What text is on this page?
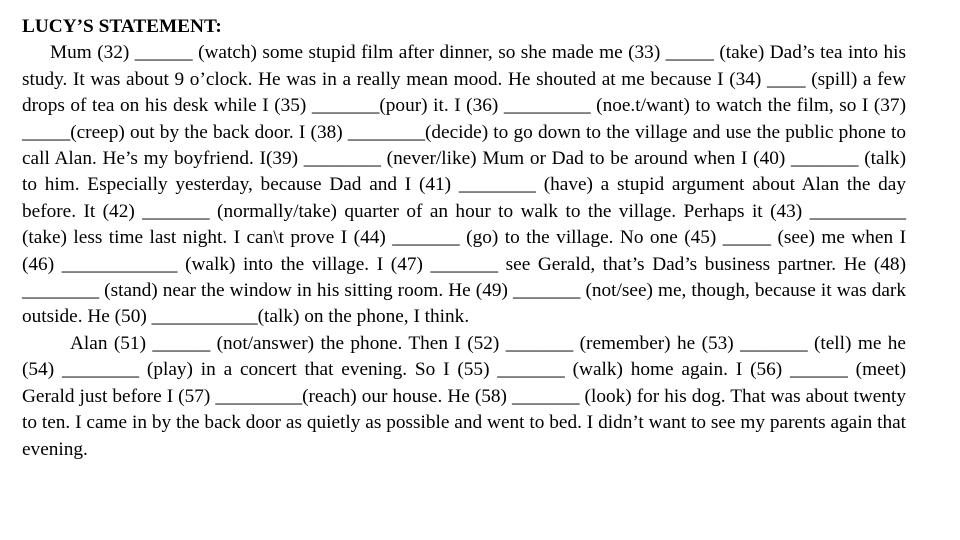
LUCY’S STATEMENT:

Mum (32) ______ (watch) some stupid film after dinner, so she made me (33) _____ (take) Dad’s tea into his study. It was about 9 o’clock. He was in a really mean mood. He shouted at me because I (34) ____ (spill) a few drops of tea on his desk while I (35) _______(pour) it. I (36) _________ (noe.t/want) to watch the film, so I (37) _____(creep) out by the back door. I (38) ________(decide) to go down to the village and use the public phone to call Alan. He’s my boyfriend. I(39) ________ (never/like) Mum or Dad to be around when I (40) _______ (talk) to him. Especially yesterday, because Dad and I (41) ________ (have) a stupid argument about Alan the day before. It (42) _______ (normally/take) quarter of an hour to walk to the village. Perhaps it (43) __________ (take) less time last night. I can\t prove I (44) _______ (go) to the village. No one (45) _____ (see) me when I (46) ____________ (walk) into the village. I (47) _______ see Gerald, that’s Dad’s business partner. He (48) ________ (stand) near the window in his sitting room. He (49) _______ (not/see) me, though, because it was dark outside. He (50) ___________(talk) on the phone, I think.

Alan (51) ______ (not/answer) the phone. Then I (52) _______ (remember) he (53) _______ (tell) me he (54) ________ (play) in a concert that evening. So I (55) _______ (walk) home again. I (56) ______ (meet) Gerald just before I (57) _________(reach) our house. He (58) _______ (look) for his dog. That was about twenty to ten. I came in by the back door as quietly as possible and went to bed. I didn’t want to see my parents again that evening.
